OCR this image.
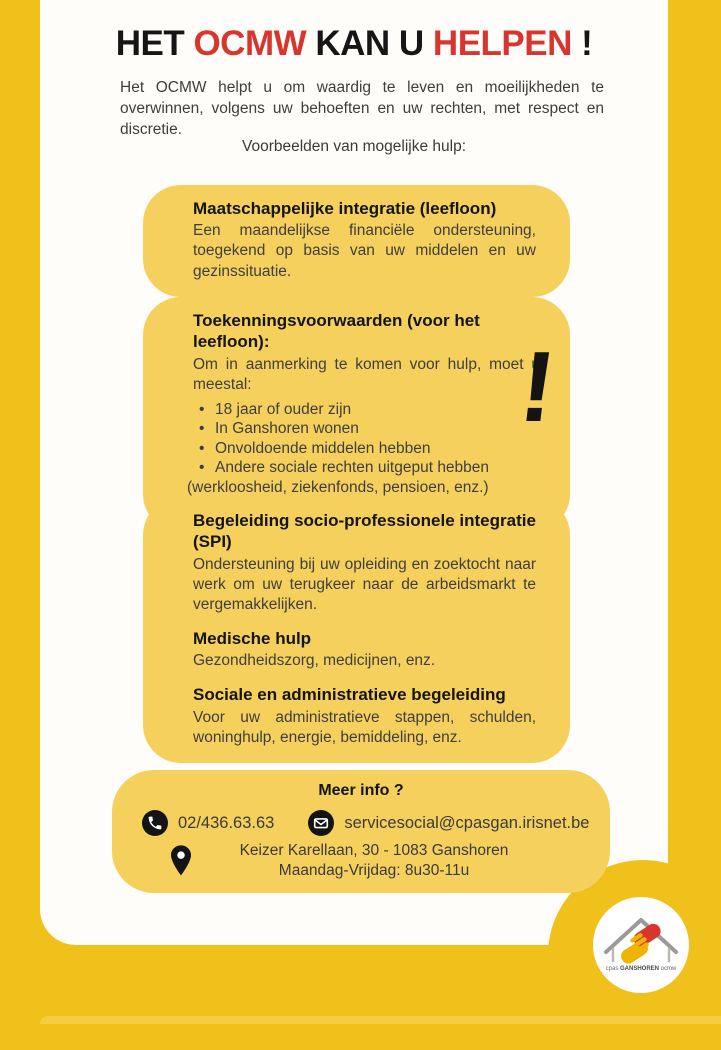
HET OCMW KAN U HELPEN !

Het OCMW helpt u om waardig te leven en moeilijkheden te overwinnen, volgens uw behoeften en uw rechten, met respect en discretie.

Voorbeelden van mogelijke hulp:
Maatschappelijke integratie (leefloon)
Een maandelijkse financiële ondersteuning, toegekend op basis van uw middelen en uw gezinssituatie.
Toekenningsvoorwaarden (voor het leefloon):
Om in aanmerking te komen voor hulp, moet u meestal:
• 18 jaar of ouder zijn
• In Ganshoren wonen
• Onvoldoende middelen hebben
• Andere sociale rechten uitgeput hebben
(werkloosheid, ziekenfonds, pensioen, enz.)
!
Begeleiding socio-professionele integratie (SPI)
Ondersteuning bij uw opleiding en zoektocht naar werk om uw terugkeer naar de arbeidsmarkt te vergemakkelijken.
Medische hulp
Gezondheidszorg, medicijnen, enz.
Sociale en administratieve begeleiding
Voor uw administratieve stappen, schulden, woninghulp, energie, bemiddeling, enz.
Meer info ?
02/436.63.63	servicesocial@cpasgan.irisnet.be
Keizer Karellaan, 30 - 1083 Ganshoren
Maandag-Vrijdag: 8u30-11u
cpas GANSHOREN ocmw
